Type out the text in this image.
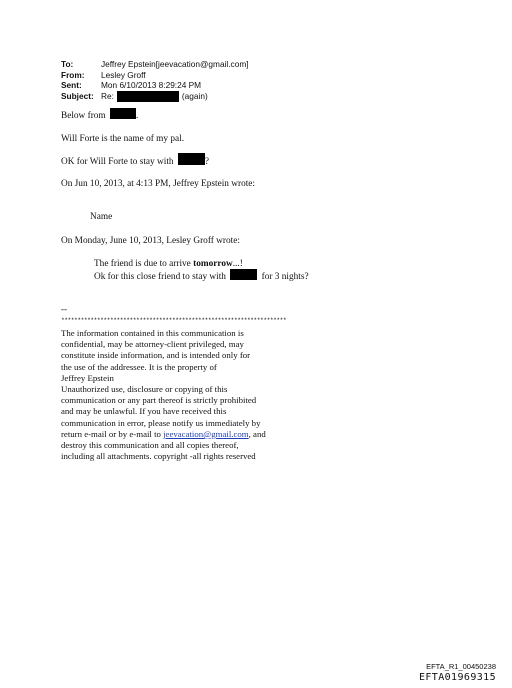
To:	Jeffrey Epstein[jeevacation@gmail.com]
From:	Lesley Groff
Sent:	Mon 6/10/2013 8:29:24 PM
Subject: Re:	(again)
Below from	.
Will Forte is the name of my pal.
OK for Will Forte to stay with	?
On Jun 10, 2013, at 4:13 PM, Jeffrey Epstein wrote:
Name
On Monday, June 10, 2013, Lesley Groff wrote:
The friend is due to arrive tomorrow...!
Ok for this close friend to stay with	for 3 nights?
--
*********************************************************************
The information contained in this communication is
confidential, may be attorney-client privileged, may
constitute inside information, and is intended only for
the use of the addressee. It is the property of
Jeffrey Epstein
Unauthorized use, disclosure or copying of this
communication or any part thereof is strictly prohibited
and may be unlawful. If you have received this
communication in error, please notify us immediately by
return e-mail or by e-mail to jeevacation@gmail.com, and
destroy this communication and all copies thereof,
including all attachments. copyright -all rights reserved
EFTA_R1_00450238
EFTA01969315
